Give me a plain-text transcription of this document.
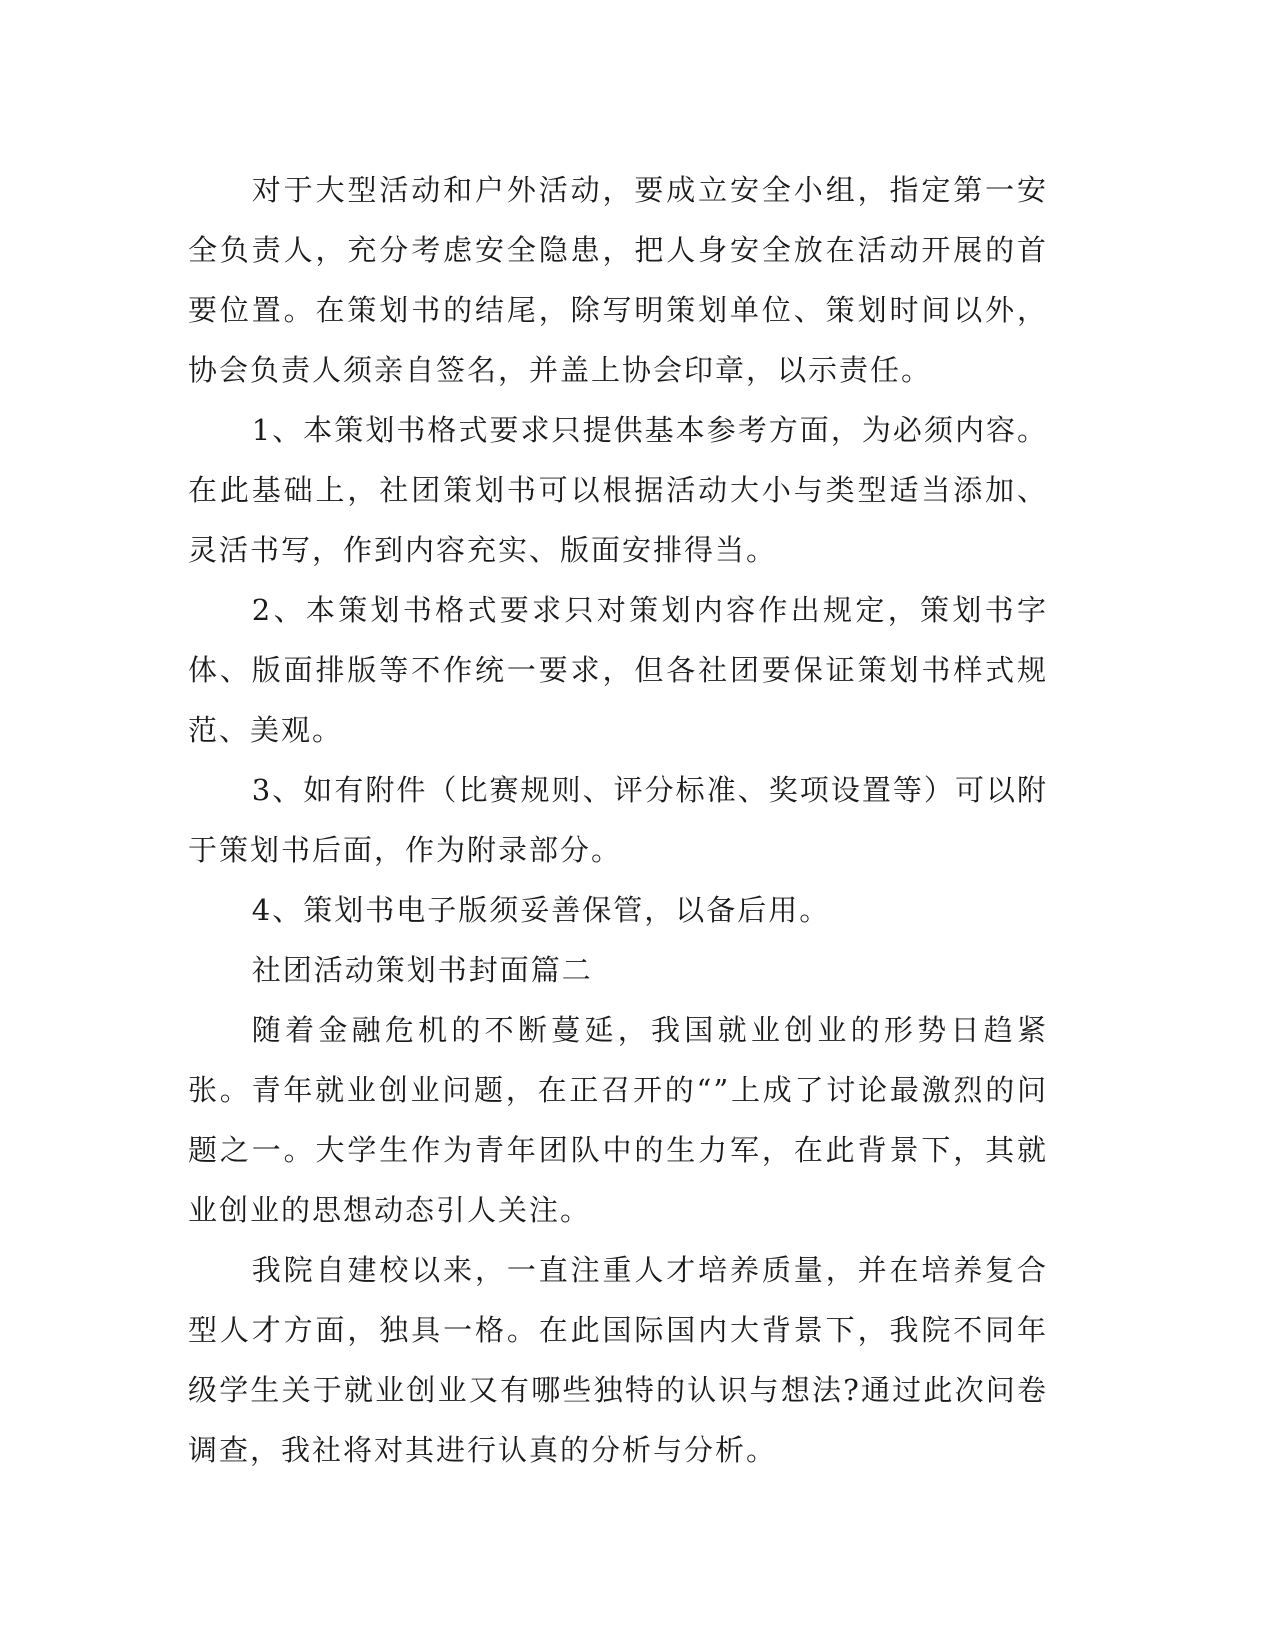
对于大型活动和户外活动，要成立安全小组，指定第一安全负责人，充分考虑安全隐患，把人身安全放在活动开展的首要位置。在策划书的结尾，除写明策划单位、策划时间以外，协会负责人须亲自签名，并盖上协会印章，以示责任。

1、本策划书格式要求只提供基本参考方面，为必须内容。在此基础上，社团策划书可以根据活动大小与类型适当添加、灵活书写，作到内容充实、版面安排得当。

2、本策划书格式要求只对策划内容作出规定，策划书字体、版面排版等不作统一要求，但各社团要保证策划书样式规范、美观。

3、如有附件（比赛规则、评分标准、奖项设置等）可以附于策划书后面，作为附录部分。

4、策划书电子版须妥善保管，以备后用。

社团活动策划书封面篇二

随着金融危机的不断蔓延，我国就业创业的形势日趋紧张。青年就业创业问题，在正召开的“”上成了讨论最激烈的问题之一。大学生作为青年团队中的生力军，在此背景下，其就业创业的思想动态引人关注。

我院自建校以来，一直注重人才培养质量，并在培养复合型人才方面，独具一格。在此国际国内大背景下，我院不同年级学生关于就业创业又有哪些独特的认识与想法?通过此次问卷调查，我社将对其进行认真的分析与分析。
